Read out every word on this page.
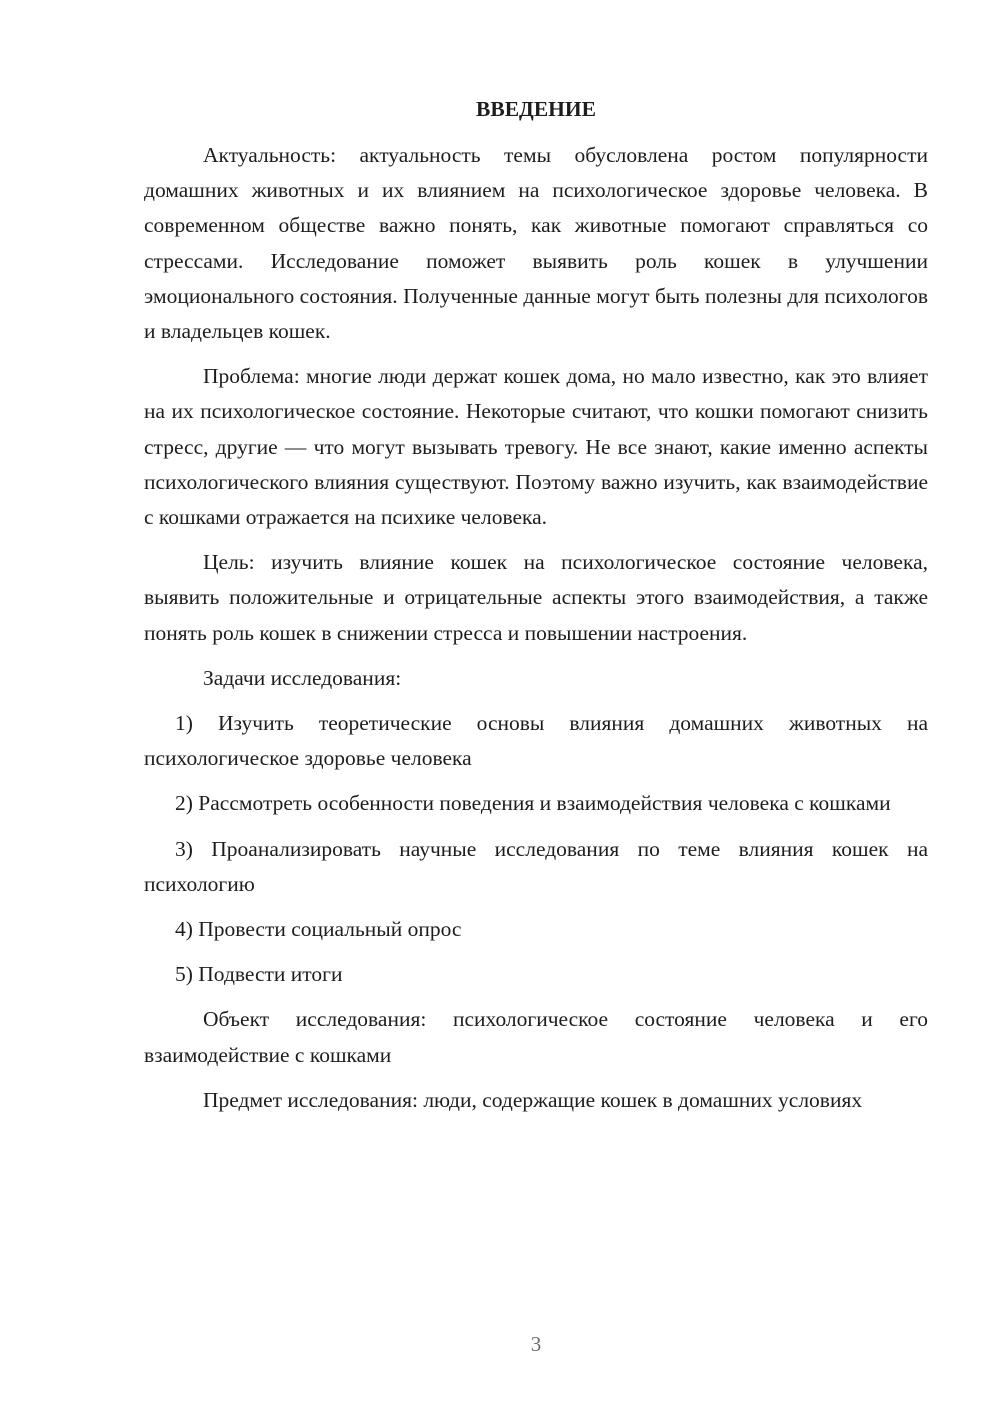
ВВЕДЕНИЕ

Актуальность: актуальность темы обусловлена ростом популярности домашних животных и их влиянием на психологическое здоровье человека. В современном обществе важно понять, как животные помогают справляться со стрессами. Исследование поможет выявить роль кошек в улучшении эмоционального состояния. Полученные данные могут быть полезны для психологов и владельцев кошек.

Проблема: многие люди держат кошек дома, но мало известно, как это влияет на их психологическое состояние. Некоторые считают, что кошки помогают снизить стресс, другие — что могут вызывать тревогу. Не все знают, какие именно аспекты психологического влияния существуют. Поэтому важно изучить, как взаимодействие с кошками отражается на психике человека.

Цель: изучить влияние кошек на психологическое состояние человека, выявить положительные и отрицательные аспекты этого взаимодействия, а также понять роль кошек в снижении стресса и повышении настроения.

Задачи исследования:

1) Изучить теоретические основы влияния домашних животных на психологическое здоровье человека

2) Рассмотреть особенности поведения и взаимодействия человека с кошками

3) Проанализировать научные исследования по теме влияния кошек на психологию

4) Провести социальный опрос

5) Подвести итоги

Объект исследования: психологическое состояние человека и его взаимодействие с кошками

Предмет исследования: люди, содержащие кошек в домашних условиях

3
